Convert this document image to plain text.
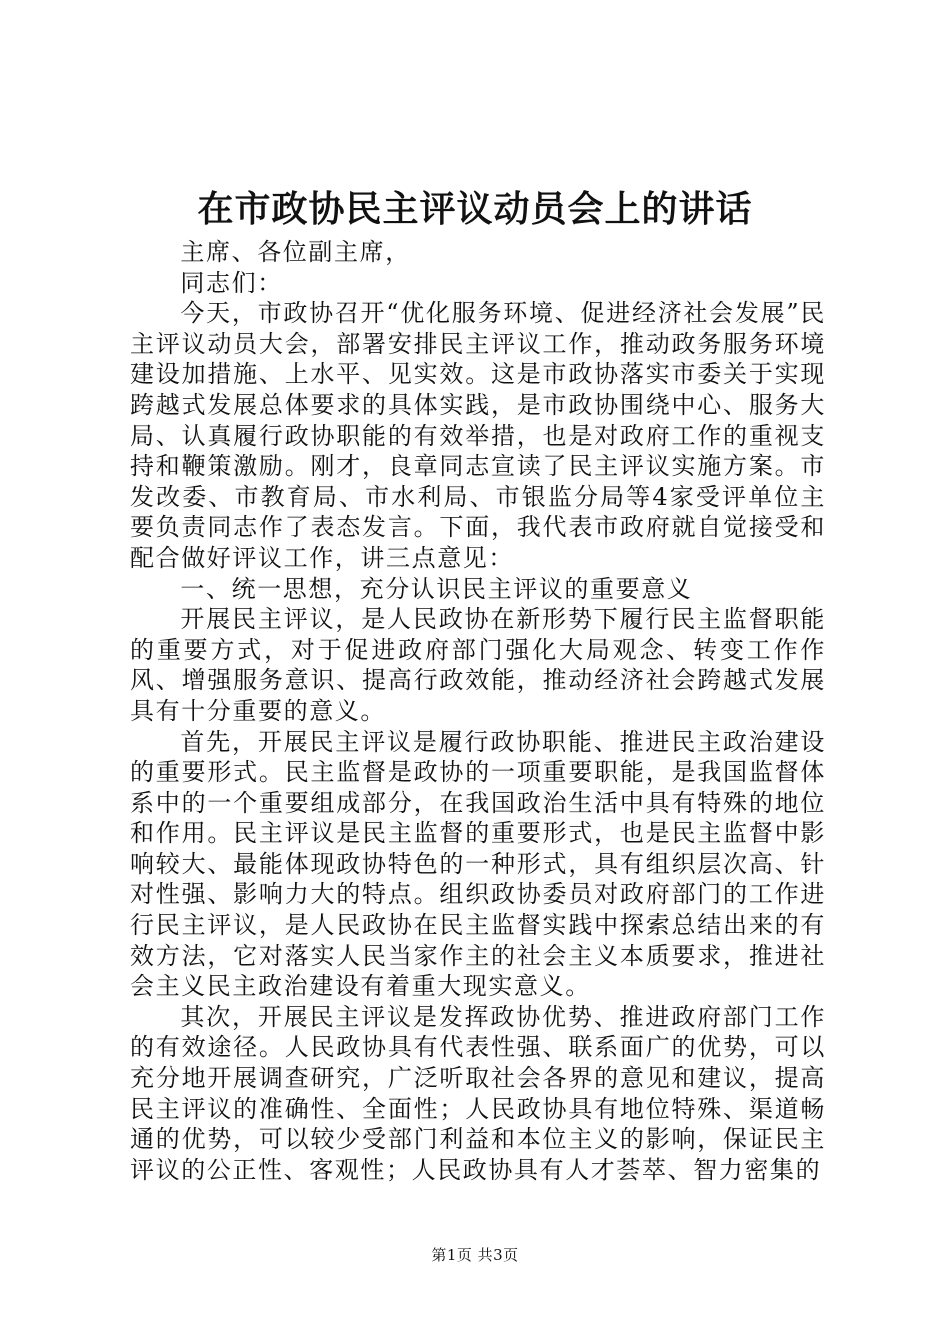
在市政协民主评议动员会上的讲话

主席、各位副主席，

同志们：

今天，市政协召开“优化服务环境、促进经济社会发展”民主评议动员大会，部署安排民主评议工作，推动政务服务环境建设加措施、上水平、见实效。这是市政协落实市委关于实现跨越式发展总体要求的具体实践，是市政协围绕中心、服务大局、认真履行政协职能的有效举措，也是对政府工作的重视支持和鞭策激励。刚才，良章同志宣读了民主评议实施方案。市发改委、市教育局、市水利局、市银监分局等4家受评单位主要负责同志作了表态发言。下面，我代表市政府就自觉接受和配合做好评议工作，讲三点意见：

一、统一思想，充分认识民主评议的重要意义

开展民主评议，是人民政协在新形势下履行民主监督职能的重要方式，对于促进政府部门强化大局观念、转变工作作风、增强服务意识、提高行政效能，推动经济社会跨越式发展具有十分重要的意义。

首先，开展民主评议是履行政协职能、推进民主政治建设的重要形式。民主监督是政协的一项重要职能，是我国监督体系中的一个重要组成部分，在我国政治生活中具有特殊的地位和作用。民主评议是民主监督的重要形式，也是民主监督中影响较大、最能体现政协特色的一种形式，具有组织层次高、针对性强、影响力大的特点。组织政协委员对政府部门的工作进行民主评议，是人民政协在民主监督实践中探索总结出来的有效方法，它对落实人民当家作主的社会主义本质要求，推进社会主义民主政治建设有着重大现实意义。

其次，开展民主评议是发挥政协优势、推进政府部门工作的有效途径。人民政协具有代表性强、联系面广的优势，可以充分地开展调查研究，广泛听取社会各界的意见和建议，提高民主评议的准确性、全面性；人民政协具有地位特殊、渠道畅通的优势，可以较少受部门利益和本位主义的影响，保证民主评议的公正性、客观性；人民政协具有人才荟萃、智力密集的

第1页 共3页
